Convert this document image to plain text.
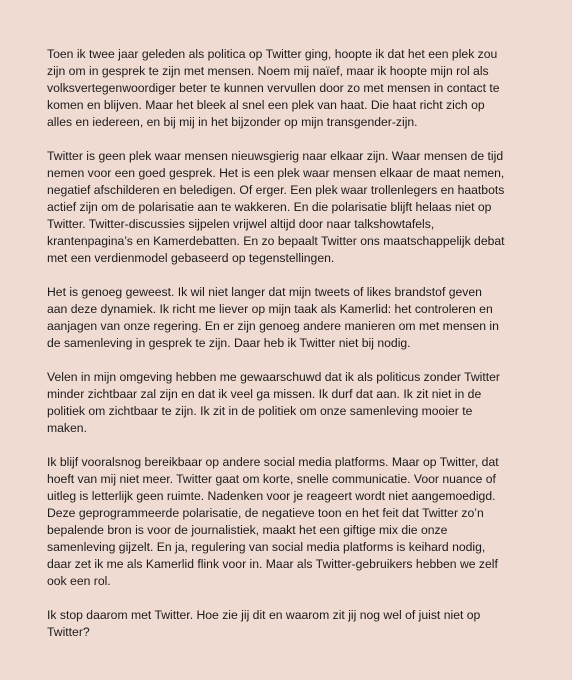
Toen ik twee jaar geleden als politica op Twitter ging, hoopte ik dat het een plek zou
zijn om in gesprek te zijn met mensen. Noem mij naïef, maar ik hoopte mijn rol als
volksvertegenwoordiger beter te kunnen vervullen door zo met mensen in contact te
komen en blijven. Maar het bleek al snel een plek van haat. Die haat richt zich op
alles en iedereen, en bij mij in het bijzonder op mijn transgender-zijn.

Twitter is geen plek waar mensen nieuwsgierig naar elkaar zijn. Waar mensen de tijd
nemen voor een goed gesprek. Het is een plek waar mensen elkaar de maat nemen,
negatief afschilderen en beledigen. Of erger. Een plek waar trollenlegers en haatbots
actief zijn om de polarisatie aan te wakkeren. En die polarisatie blijft helaas niet op
Twitter. Twitter-discussies sijpelen vrijwel altijd door naar talkshowtafels,
krantenpagina’s en Kamerdebatten. En zo bepaalt Twitter ons maatschappelijk debat
met een verdienmodel gebaseerd op tegenstellingen.

Het is genoeg geweest. Ik wil niet langer dat mijn tweets of likes brandstof geven
aan deze dynamiek. Ik richt me liever op mijn taak als Kamerlid: het controleren en
aanjagen van onze regering. En er zijn genoeg andere manieren om met mensen in
de samenleving in gesprek te zijn. Daar heb ik Twitter niet bij nodig.

Velen in mijn omgeving hebben me gewaarschuwd dat ik als politicus zonder Twitter
minder zichtbaar zal zijn en dat ik veel ga missen. Ik durf dat aan. Ik zit niet in de
politiek om zichtbaar te zijn. Ik zit in de politiek om onze samenleving mooier te
maken.

Ik blijf vooralsnog bereikbaar op andere social media platforms. Maar op Twitter, dat
hoeft van mij niet meer. Twitter gaat om korte, snelle communicatie. Voor nuance of
uitleg is letterlijk geen ruimte. Nadenken voor je reageert wordt niet aangemoedigd.
Deze geprogrammeerde polarisatie, de negatieve toon en het feit dat Twitter zo’n
bepalende bron is voor de journalistiek, maakt het een giftige mix die onze
samenleving gijzelt. En ja, regulering van social media platforms is keihard nodig,
daar zet ik me als Kamerlid flink voor in. Maar als Twitter-gebruikers hebben we zelf
ook een rol.

Ik stop daarom met Twitter. Hoe zie jij dit en waarom zit jij nog wel of juist niet op
Twitter?
